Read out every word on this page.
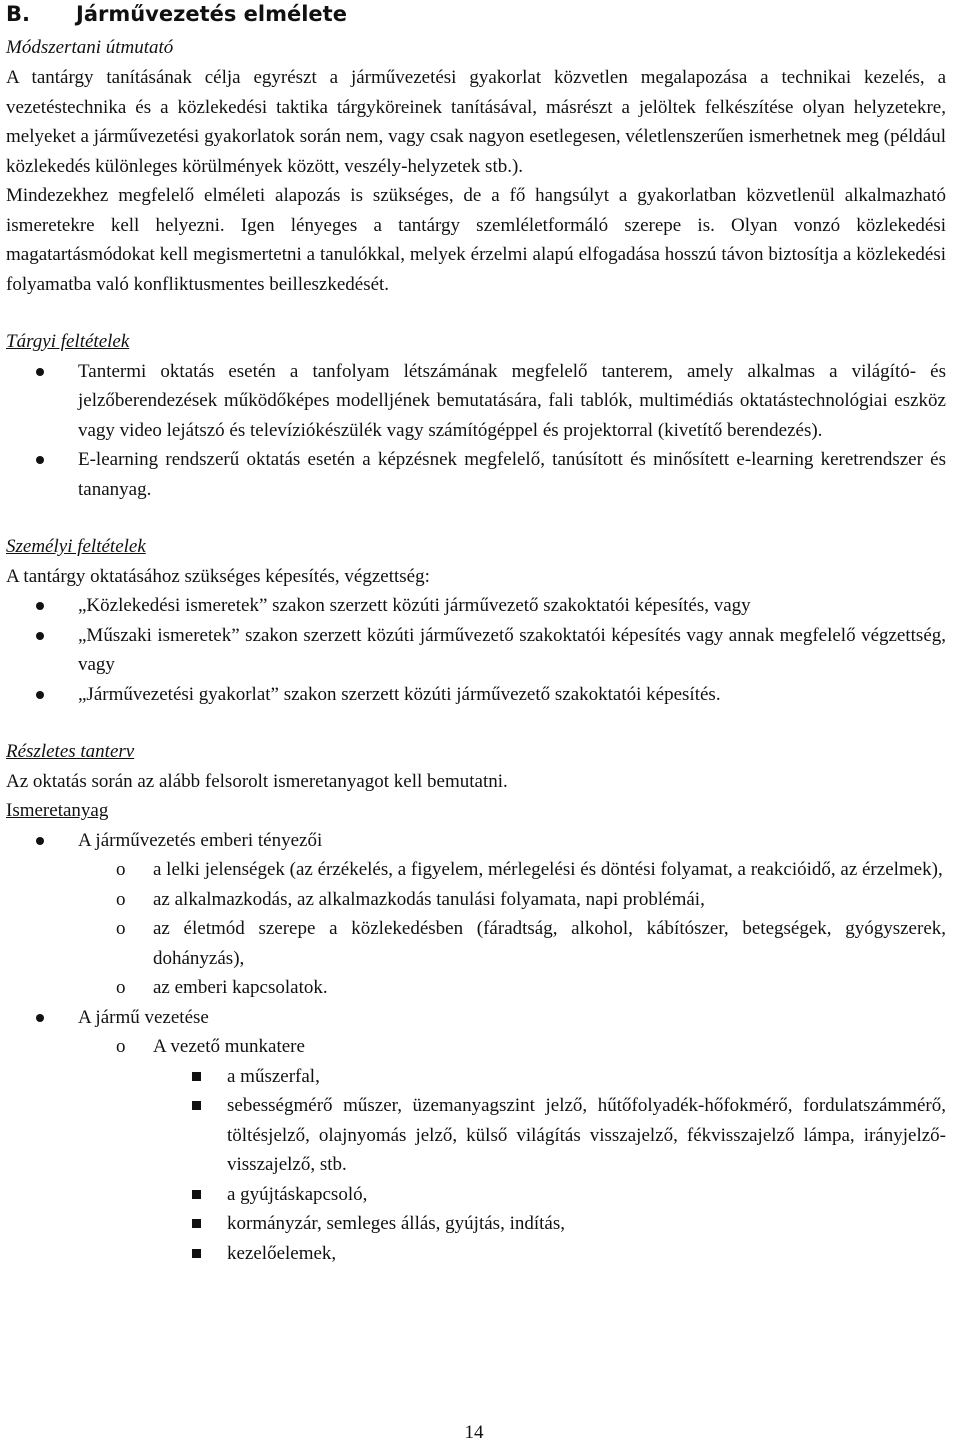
B. Járművezetés elmélete
Módszertani útmutató

A tantárgy tanításának célja egyrészt a járművezetési gyakorlat közvetlen megalapozása a technikai kezelés, a vezetéstechnika és a közlekedési taktika tárgyköreinek tanításával, másrészt a jelöltek felkészítése olyan helyzetekre, melyeket a járművezetési gyakorlatok során nem, vagy csak nagyon esetlegesen, véletlenszerűen ismerhetnek meg (például közlekedés különleges körülmények között, veszély-helyzetek stb.).

Mindezekhez megfelelő elméleti alapozás is szükséges, de a fő hangsúlyt a gyakorlatban közvetlenül alkalmazható ismeretekre kell helyezni. Igen lényeges a tantárgy szemléletformáló szerepe is. Olyan vonzó közlekedési magatartásmódokat kell megismertetni a tanulókkal, melyek érzelmi alapú elfogadása hosszú távon biztosítja a közlekedési folyamatba való konfliktusmentes beilleszkedését.

Tárgyi feltételek
Tantermi oktatás esetén a tanfolyam létszámának megfelelő tanterem, amely alkalmas a világító- és jelzőberendezések működőképes modelljének bemutatására, fali tablók, multimédiás oktatástechnológiai eszköz vagy video lejátszó és televíziókészülék vagy számítógéppel és projektorral (kivetítő berendezés).
E-learning rendszerű oktatás esetén a képzésnek megfelelő, tanúsított és minősített e-learning keretrendszer és tananyag.
Személyi feltételek

A tantárgy oktatásához szükséges képesítés, végzettség:

„Közlekedési ismeretek” szakon szerzett közúti járművezető szakoktatói képesítés, vagy
„Műszaki ismeretek” szakon szerzett közúti járművezető szakoktatói képesítés vagy annak megfelelő végzettség, vagy
„Járművezetési gyakorlat” szakon szerzett közúti járművezető szakoktatói képesítés.
Részletes tanterv

Az oktatás során az alább felsorolt ismeretanyagot kell bemutatni.

Ismeretanyag
A járművezetés emberi tényezői
o a lelki jelenségek (az érzékelés, a figyelem, mérlegelési és döntési folyamat, a reakcióidő, az érzelmek),
o az alkalmazkodás, az alkalmazkodás tanulási folyamata, napi problémái,
o az életmód szerepe a közlekedésben (fáradtság, alkohol, kábítószer, betegségek, gyógyszerek, dohányzás),
o az emberi kapcsolatok.
A jármű vezetése
o A vezető munkatere
a műszerfal,
sebességmérő műszer, üzemanyagszint jelző, hűtőfolyadék-hőfokmérő, fordulatszámmérő, töltésjelző, olajnyomás jelző, külső világítás visszajelző, fékvisszajelző lámpa, irányjelző-visszajelző, stb.
a gyújtáskapcsoló,
kormányzár, semleges állás, gyújtás, indítás,
kezelőelemek,
14
